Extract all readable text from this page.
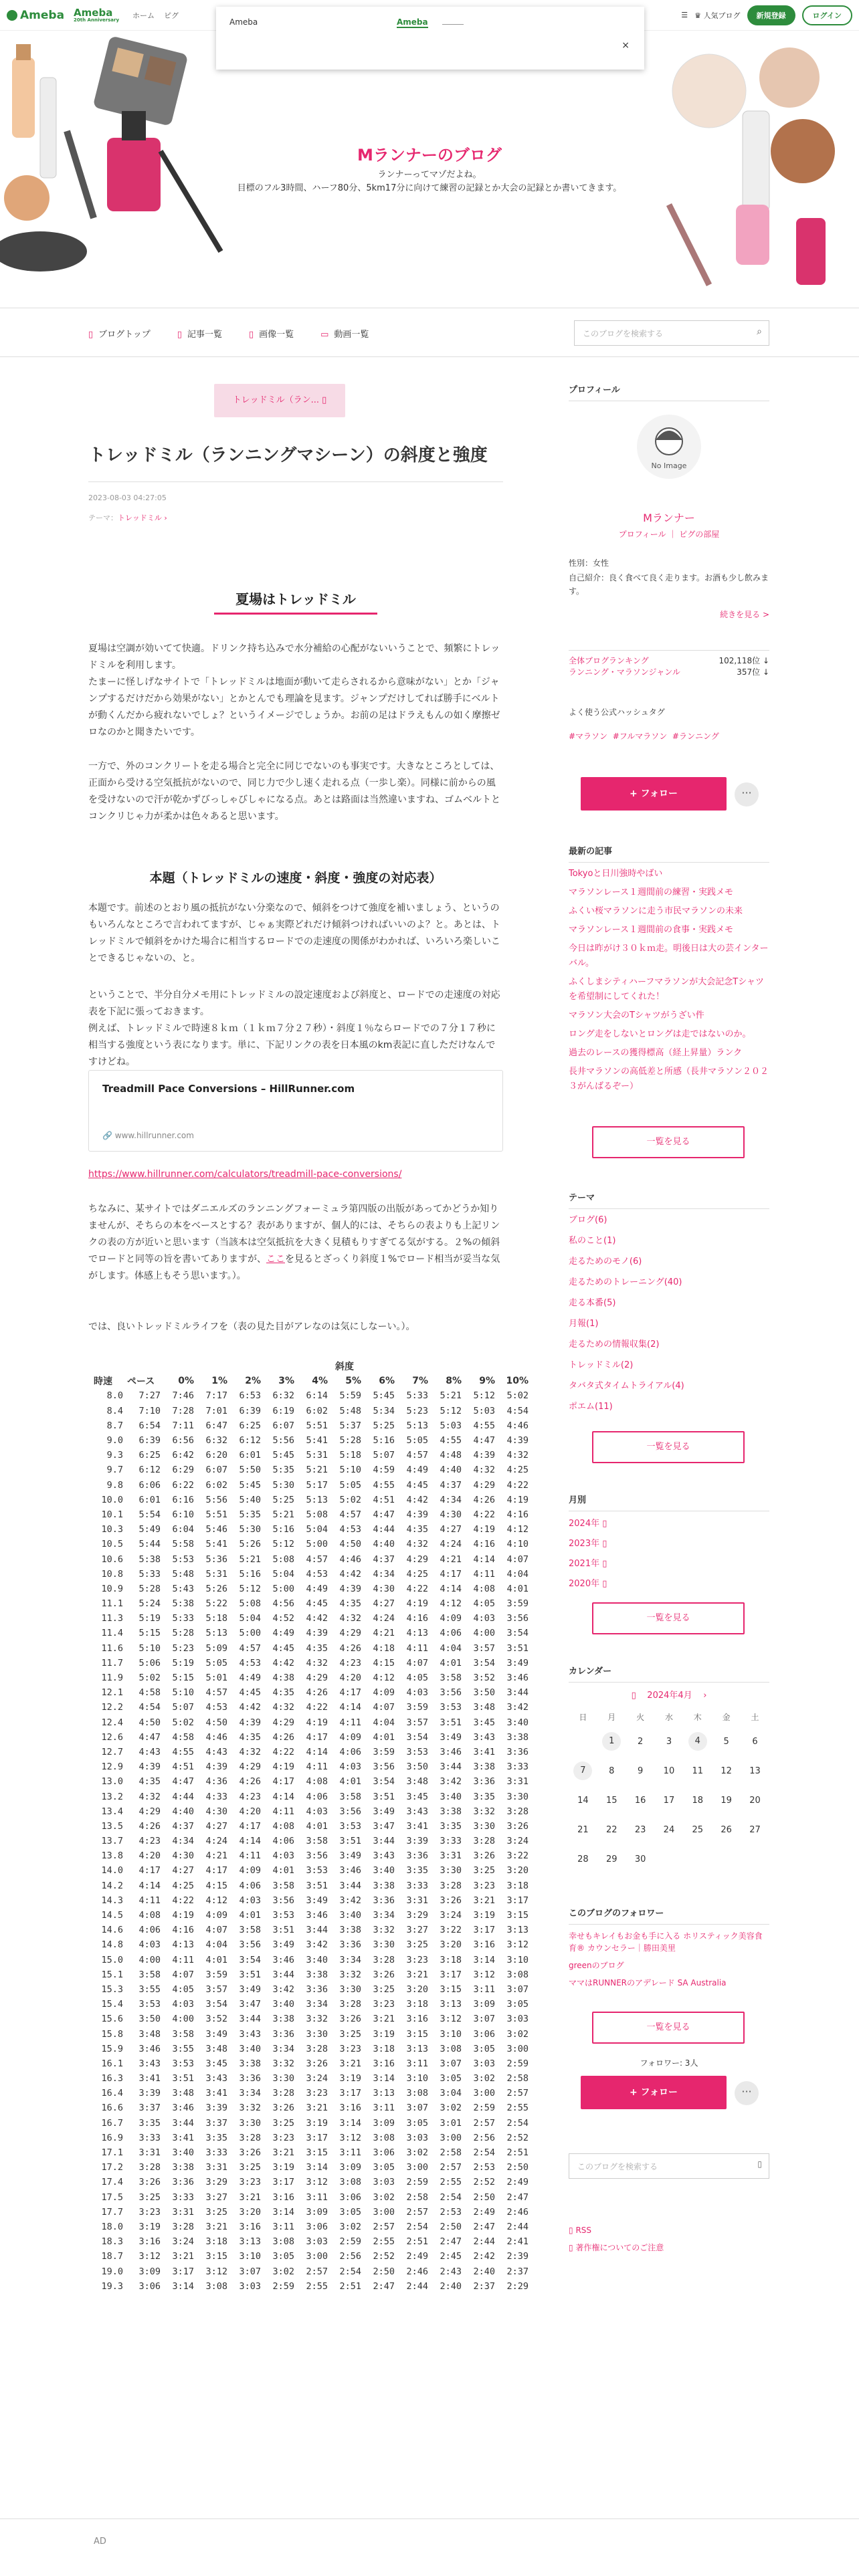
Ameba Ameba
20th Anniversary ホーム ピグ	☰ ♛ 人気ブログ	新規登録	ログイン
Ameba	Ameba
×
Mランナーのブログ
ランナーってマゾだよね。
目標のフル3時間、ハーフ80分、5km17分に向けて練習の記録とか大会の記録とか書いてきます。
▯ ブログトップ	▯ 記事一覧	▯ 画像一覧	▭ 動画一覧	このブログを検索する	⌕
トレッドミル（ラン... ▯
トレッドミル（ランニングマシーン）の斜度と強度
2023-08-03 04:27:05
テーマ：トレッドミル ›
夏場はトレッドミル
夏場は空調が効いてて快適。ドリンク持ち込みで水分補給の心配がないいうことで、頻繁にトレッドミルを利用します。
たまーに怪しげなサイトで「トレッドミルは地面が動いて走らされるから意味がない」とか「ジャンプするだけだから効果がない」とかとんでも理論を見ます。ジャンプだけしてれば勝手にベルトが動くんだから疲れないでしょ？というイメージでしょうか。お前の足はドラえもんの如く摩擦ゼロなのかと聞きたいです。
一方で、外のコンクリートを走る場合と完全に同じでないのも事実です。大きなところとしては、正面から受ける空気抵抗がないので、同じ力で少し速く走れる点（一歩し楽）。同様に前からの風を受けないので汗が乾かずびっしゃびしゃになる点。あとは路面は当然違いますね、ゴムベルトとコンクリじゃ力が柔かは色々あると思います。
本題（トレッドミルの速度・斜度・強度の対応表）
本題です。前述のとおり風の抵抗がない分楽なので、傾斜をつけて強度を補いましょう、というのもいろんなところで言われてますが、じゃぁ実際どれだけ傾斜つければいいのよ？と。あとは、トレッドミルで傾斜をかけた場合に相当するロードでの走速度の関係がわかれば、いろいろ楽しいことできるじゃないの、と。
ということで、半分自分メモ用にトレッドミルの設定速度および斜度と、ロードでの走速度の対応表を下記に張っておきます。
例えば、トレッドミルで時速８ｋｍ（１ｋｍ７分２７秒）・斜度１％ならロードでの７分１７秒に相当する強度という表になります。単に、下記リンクの表を日本風のkm表記に直しただけなんですけどね。
Treadmill Pace Conversions – HillRunner.com
🔗 www.hillrunner.com
https://www.hillrunner.com/calculators/treadmill-pace-conversions/
ちなみに、某サイトではダニエルズのランニングフォーミュラ第四版の出版があってかどうか知りませんが、そちらの本をベースとする？表がありますが、個人的には、そちらの表よりも上記リンクの表の方が近いと思います（当該本は空気抵抗を大きく見積もりすぎてる気がする。２%の傾斜でロードと同等の旨を書いてありますが、ここを見るとざっくり斜度１%でロード相当が妥当な気がします。体感上もそう思います。）。
では、良いトレッドミルライフを（表の見た目がアレなのは気にしなーい。）。
		斜度										
時速	ペース	0%	1%	2%	3%	4%	5%	6%	7%	8%	9%	10%
8.0	7:27	7:46	7:17	6:53	6:32	6:14	5:59	5:45	5:33	5:21	5:12	5:02
8.4	7:10	7:28	7:01	6:39	6:19	6:02	5:48	5:34	5:23	5:12	5:03	4:54
8.7	6:54	7:11	6:47	6:25	6:07	5:51	5:37	5:25	5:13	5:03	4:55	4:46
9.0	6:39	6:56	6:32	6:12	5:56	5:41	5:28	5:16	5:05	4:55	4:47	4:39
9.3	6:25	6:42	6:20	6:01	5:45	5:31	5:18	5:07	4:57	4:48	4:39	4:32
9.7	6:12	6:29	6:07	5:50	5:35	5:21	5:10	4:59	4:49	4:40	4:32	4:25
9.8	6:06	6:22	6:02	5:45	5:30	5:17	5:05	4:55	4:45	4:37	4:29	4:22
10.0	6:01	6:16	5:56	5:40	5:25	5:13	5:02	4:51	4:42	4:34	4:26	4:19
10.1	5:54	6:10	5:51	5:35	5:21	5:08	4:57	4:47	4:39	4:30	4:22	4:16
10.3	5:49	6:04	5:46	5:30	5:16	5:04	4:53	4:44	4:35	4:27	4:19	4:12
10.5	5:44	5:58	5:41	5:26	5:12	5:00	4:50	4:40	4:32	4:24	4:16	4:10
10.6	5:38	5:53	5:36	5:21	5:08	4:57	4:46	4:37	4:29	4:21	4:14	4:07
10.8	5:33	5:48	5:31	5:16	5:04	4:53	4:42	4:34	4:25	4:17	4:11	4:04
10.9	5:28	5:43	5:26	5:12	5:00	4:49	4:39	4:30	4:22	4:14	4:08	4:01
11.1	5:24	5:38	5:22	5:08	4:56	4:45	4:35	4:27	4:19	4:12	4:05	3:59
11.3	5:19	5:33	5:18	5:04	4:52	4:42	4:32	4:24	4:16	4:09	4:03	3:56
11.4	5:15	5:28	5:13	5:00	4:49	4:39	4:29	4:21	4:13	4:06	4:00	3:54
11.6	5:10	5:23	5:09	4:57	4:45	4:35	4:26	4:18	4:11	4:04	3:57	3:51
11.7	5:06	5:19	5:05	4:53	4:42	4:32	4:23	4:15	4:07	4:01	3:54	3:49
11.9	5:02	5:15	5:01	4:49	4:38	4:29	4:20	4:12	4:05	3:58	3:52	3:46
12.1	4:58	5:10	4:57	4:45	4:35	4:26	4:17	4:09	4:03	3:56	3:50	3:44
12.2	4:54	5:07	4:53	4:42	4:32	4:22	4:14	4:07	3:59	3:53	3:48	3:42
12.4	4:50	5:02	4:50	4:39	4:29	4:19	4:11	4:04	3:57	3:51	3:45	3:40
12.6	4:47	4:58	4:46	4:35	4:26	4:17	4:09	4:01	3:54	3:49	3:43	3:38
12.7	4:43	4:55	4:43	4:32	4:22	4:14	4:06	3:59	3:53	3:46	3:41	3:36
12.9	4:39	4:51	4:39	4:29	4:19	4:11	4:03	3:56	3:50	3:44	3:38	3:33
13.0	4:35	4:47	4:36	4:26	4:17	4:08	4:01	3:54	3:48	3:42	3:36	3:31
13.2	4:32	4:44	4:33	4:23	4:14	4:06	3:58	3:51	3:45	3:40	3:35	3:30
13.4	4:29	4:40	4:30	4:20	4:11	4:03	3:56	3:49	3:43	3:38	3:32	3:28
13.5	4:26	4:37	4:27	4:17	4:08	4:01	3:53	3:47	3:41	3:35	3:30	3:26
13.7	4:23	4:34	4:24	4:14	4:06	3:58	3:51	3:44	3:39	3:33	3:28	3:24
13.8	4:20	4:30	4:21	4:11	4:03	3:56	3:49	3:43	3:36	3:31	3:26	3:22
14.0	4:17	4:27	4:17	4:09	4:01	3:53	3:46	3:40	3:35	3:30	3:25	3:20
14.2	4:14	4:25	4:15	4:06	3:58	3:51	3:44	3:38	3:33	3:28	3:23	3:18
14.3	4:11	4:22	4:12	4:03	3:56	3:49	3:42	3:36	3:31	3:26	3:21	3:17
14.5	4:08	4:19	4:09	4:01	3:53	3:46	3:40	3:34	3:29	3:24	3:19	3:15
14.6	4:06	4:16	4:07	3:58	3:51	3:44	3:38	3:32	3:27	3:22	3:17	3:13
14.8	4:03	4:13	4:04	3:56	3:49	3:42	3:36	3:30	3:25	3:20	3:16	3:12
15.0	4:00	4:11	4:01	3:54	3:46	3:40	3:34	3:28	3:23	3:18	3:14	3:10
15.1	3:58	4:07	3:59	3:51	3:44	3:38	3:32	3:26	3:21	3:17	3:12	3:08
15.3	3:55	4:05	3:57	3:49	3:42	3:36	3:30	3:25	3:20	3:15	3:11	3:07
15.4	3:53	4:03	3:54	3:47	3:40	3:34	3:28	3:23	3:18	3:13	3:09	3:05
15.6	3:50	4:00	3:52	3:44	3:38	3:32	3:26	3:21	3:16	3:12	3:07	3:03
15.8	3:48	3:58	3:49	3:43	3:36	3:30	3:25	3:19	3:15	3:10	3:06	3:02
15.9	3:46	3:55	3:48	3:40	3:34	3:28	3:23	3:18	3:13	3:08	3:05	3:00
16.1	3:43	3:53	3:45	3:38	3:32	3:26	3:21	3:16	3:11	3:07	3:03	2:59
16.3	3:41	3:51	3:43	3:36	3:30	3:24	3:19	3:14	3:10	3:05	3:02	2:58
16.4	3:39	3:48	3:41	3:34	3:28	3:23	3:17	3:13	3:08	3:04	3:00	2:57
16.6	3:37	3:46	3:39	3:32	3:26	3:21	3:16	3:11	3:07	3:02	2:59	2:55
16.7	3:35	3:44	3:37	3:30	3:25	3:19	3:14	3:09	3:05	3:01	2:57	2:54
16.9	3:33	3:41	3:35	3:28	3:23	3:17	3:12	3:08	3:03	3:00	2:56	2:52
17.1	3:31	3:40	3:33	3:26	3:21	3:15	3:11	3:06	3:02	2:58	2:54	2:51
17.2	3:28	3:38	3:31	3:25	3:19	3:14	3:09	3:05	3:00	2:57	2:53	2:50
17.4	3:26	3:36	3:29	3:23	3:17	3:12	3:08	3:03	2:59	2:55	2:52	2:49
17.5	3:25	3:33	3:27	3:21	3:16	3:11	3:06	3:02	2:58	2:54	2:50	2:47
17.7	3:23	3:31	3:25	3:20	3:14	3:09	3:05	3:00	2:57	2:53	2:49	2:46
18.0	3:19	3:28	3:21	3:16	3:11	3:06	3:02	2:57	2:54	2:50	2:47	2:44
18.3	3:16	3:24	3:18	3:13	3:08	3:03	2:59	2:55	2:51	2:47	2:44	2:41
18.7	3:12	3:21	3:15	3:10	3:05	3:00	2:56	2:52	2:49	2:45	2:42	2:39
19.0	3:09	3:17	3:12	3:07	3:02	2:57	2:54	2:50	2:46	2:43	2:40	2:37
19.3	3:06	3:14	3:08	3:03	2:59	2:55	2:51	2:47	2:44	2:40	2:37	2:29
プロフィール
No Image
Mランナー
プロフィール ｜ ピグの部屋
性別：女性
自己紹介：良く食べて良く走ります。お酒も少し飲みます。
続きを見る >
全体ブログランキング	102,118位 ↓
ランニング・マラソンジャンル	357位 ↓
よく使う公式ハッシュタグ
#マラソン #フルマラソン #ランニング
+ フォロー	···
最新の記事
Tokyoと日川強時やばい
マラソンレース１週間前の練習・実践メモ
ふくい桜マラソンに走う市民マラソンの未来
マラソンレース１週間前の食事・実践メモ
今日は昨がけ３０ｋｍ走。明後日は大の芸インターバル。
ふくしまシティハーフマラソンが大会記念Tシャツを希望制にしてくれた！
マラソン大会のTシャツがうざい件
ロング走をしないとロングは走ではないのか。
過去のレースの獲得標高（経上昇量）ランク
長井マラソンの高低差と所感（長井マラソン２０２３がんばるぞー）
一覧を見る
テーマ
ブログ(6)
私のこと(1)
走るためのモノ(6)
走るためのトレーニング(40)
走る本番(5)
月報(1)
走るための情報収集(2)
トレッドミル(2)
タバタ式タイムトライアル(4)
ポエム(11)
一覧を見る
月別
2024年 ▯
2023年 ▯
2021年 ▯
2020年 ▯
一覧を見る
カレンダー
▯ 2024年4月 ›
日	月	火	水	木	金	土
	1	2	3	4	5	6
7	8	9	10	11	12	13
14	15	16	17	18	19	20
21	22	23	24	25	26	27
28	29	30				
このブログのフォロワー
幸せもキレイもお金も手に入る ホリスティック美容食育® カウンセラー｜勝田美里
greenのブログ
ママはRUNNERのアデレード SA Australia
一覧を見る
フォロワー: 3人
+ フォロー	···
このブログを検索する	▯
▯ RSS
▯ 著作権についてのご注意
AD
